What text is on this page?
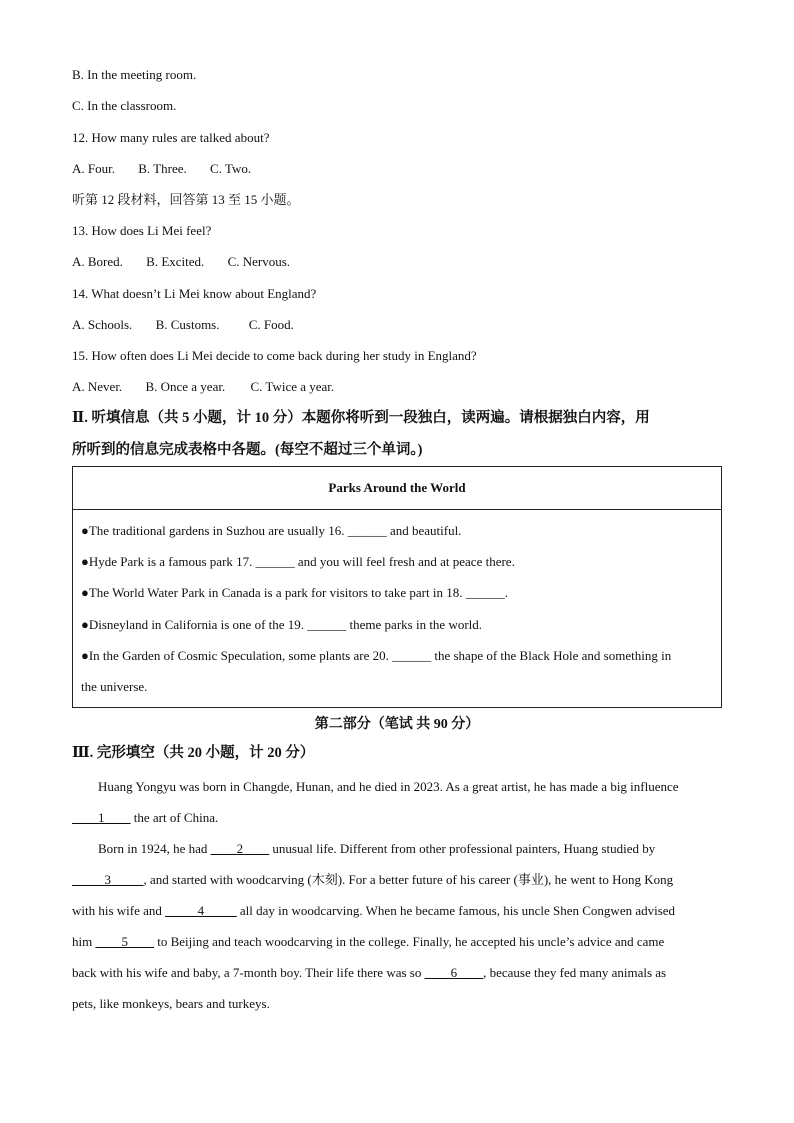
B. In the meeting room.
C. In the classroom.
12. How many rules are talked about?
A. Four. B. Three. C. Two.
听第 12 段材料，回答第 13 至 15 小题。
13. How does Li Mei feel?
A. Bored. B. Excited. C. Nervous.
14. What doesn’t Li Mei know about England?
A. Schools. B. Customs. C. Food.
15. How often does Li Mei decide to come back during her study in England?
A. Never. B. Once a year. C. Twice a year.
Ⅱ. 听填信息（共 5 小题，计 10 分）本题你将听到一段独白，读两遍。请根据独白内容，用
所听到的信息完成表格中各题。(每空不超过三个单词。)
Parks Around the World
●The traditional gardens in Suzhou are usually 16. ______ and beautiful.
●Hyde Park is a famous park 17. ______ and you will feel fresh and at peace there.
●The World Water Park in Canada is a park for visitors to take part in 18. ______.
●Disneyland in California is one of the 19. ______ theme parks in the world.
●In the Garden of Cosmic Speculation, some plants are 20. ______ the shape of the Black Hole and something in
the universe.
第二部分（笔试 共 90 分）
Ⅲ. 完形填空（共 20 小题，计 20 分）
Huang Yongyu was born in Changde, Hunan, and he died in 2023. As a great artist, he has made a big influence
____1____ the art of China.
Born in 1924, he had ____2____ unusual life. Different from other professional painters, Huang studied by
_____3_____, and started with woodcarving (木刻). For a better future of his career (事业), he went to Hong Kong
with his wife and _____4_____ all day in woodcarving. When he became famous, his uncle Shen Congwen advised
him ____5____ to Beijing and teach woodcarving in the college. Finally, he accepted his uncle’s advice and came
back with his wife and baby, a 7-month boy. Their life there was so ____6____, because they fed many animals as
pets, like monkeys, bears and turkeys.
